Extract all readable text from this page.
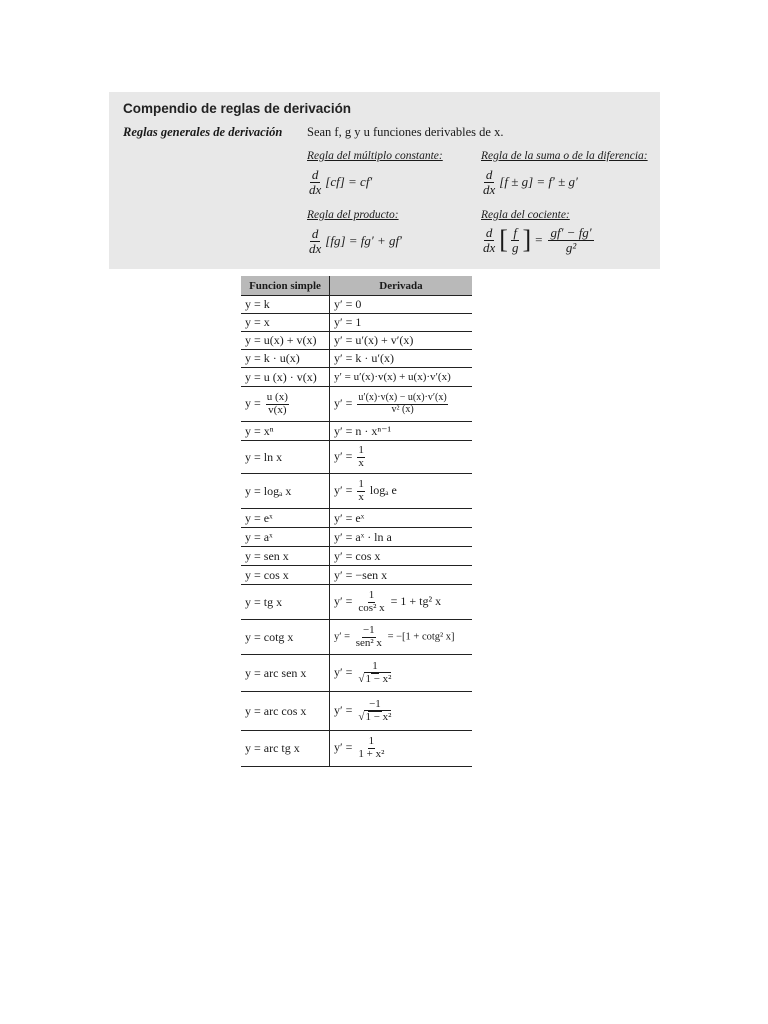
Compendio de reglas de derivación
Reglas generales de derivación Sean f, g y u funciones derivables de x.
Regla del múltiplo constante:
$\frac{d}{dx} [cf] = cf'$
Regla de la suma o de la diferencia:
$\frac{d}{dx} [f \pm g] = f' \pm g'$
Regla del producto:
$\frac{d}{dx} [fg] = fg' + gf'$
Regla del cociente:
$\frac{d}{dx}$ [ $\frac{f}{g}$ ] = $\frac{gf' - fg'}{\text{g²}}$
Funcion simple	Derivada
y = k	y′ = 0
y = x	y′ = 1
y = u(x) + v(x)	y′ = u′(x) + v′(x)
y = k · u(x)	y′ = k · u′(x)
y = u (x) · v(x)	y′ = u′(x)·v(x) + u(x)·v′(x)
$y = \frac{u (x)}{v(x)}$	$y' = \frac{u'(x)\cdot v(x) - u(x)\cdot v'(x)}{\text{v² (x)}}$

y = xⁿ	y′ = n · xⁿ⁻¹
y = ln x	$y' = \frac{1}{x}$

y = logₐ x	$y' = \frac{1}{x}$ logₐ e
y = eˣ	y′ = eˣ
y = aˣ	y′ = aˣ · ln a
y = sen x	y′ = cos x
y = cos x	y′ = −sen x
y = tg x	$y' = \frac{1}{\text{cos² x}} = 1 + tg^2$ x
y = cotg x	$y' = \frac{-1}{\text{sen² x}} = -[1 + \cot g^2$ x]
y = arc sen x	$y' = \frac{1}{\text{√1 − x²}}$

y = arc cos x	$y' = \frac{-1}{\text{√1 − x²}}$

y = arc tg x	$y' = \frac{1}{\text{1 + x²}}$
